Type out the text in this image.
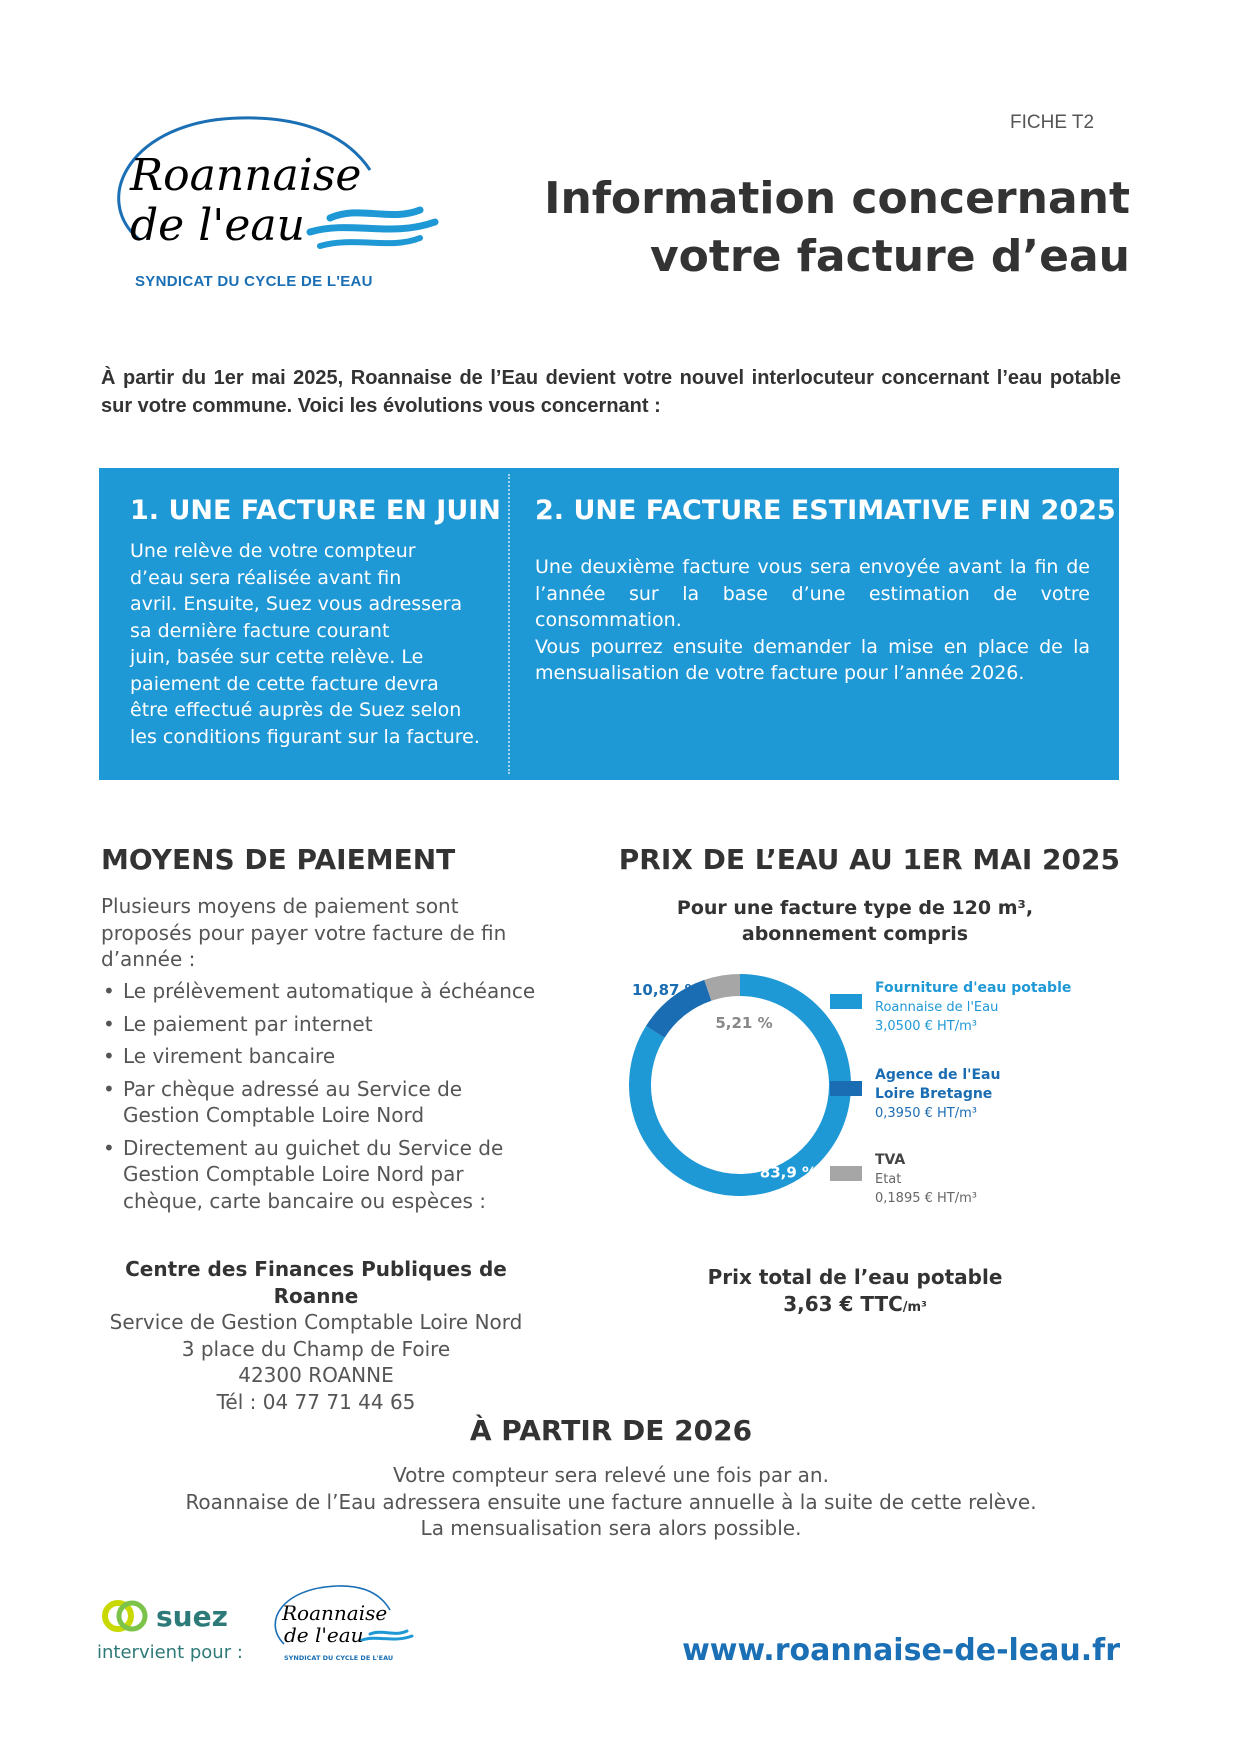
FICHE T2
Roannaise
de l'eau
SYNDICAT DU CYCLE DE L'EAU
Information concernant
votre facture d’eau
À partir du 1er mai 2025, Roannaise de l’Eau devient votre nouvel interlocuteur concernant l’eau potable sur votre commune. Voici les évolutions vous concernant :
1. UNE FACTURE EN JUIN
Une relève de votre compteur
d’eau sera réalisée avant fin
avril. Ensuite, Suez vous adressera
sa dernière facture courant
juin, basée sur cette relève. Le
paiement de cette facture devra
être effectué auprès de Suez selon
les conditions figurant sur la facture.
2. UNE FACTURE ESTIMATIVE FIN 2025
Une deuxième facture vous sera envoyée avant la fin de l’année sur la base d’une estimation de votre consommation.
Vous pourrez ensuite demander la mise en place de la mensualisation de votre facture pour l’année 2026.
MOYENS DE PAIEMENT
Plusieurs moyens de paiement sont proposés pour payer votre facture de fin d’année :
• Le prélèvement automatique à échéance
• Le paiement par internet
• Le virement bancaire
• Par chèque adressé au Service de Gestion Comptable Loire Nord
• Directement au guichet du Service de Gestion Comptable Loire Nord par chèque, carte bancaire ou espèces :
Centre des Finances Publiques de Roanne
Service de Gestion Comptable Loire Nord
3 place du Champ de Foire
42300 ROANNE
Tél : 04 77 71 44 65
PRIX DE L’EAU AU 1ER MAI 2025
Pour une facture type de 120 m³,
abonnement compris
83,9 %
10,87 %
5,21 %
Fourniture d'eau potable
Roannaise de l'Eau
3,0500 € HT/m³
Agence de l'Eau
Loire Bretagne
0,3950 € HT/m³
TVA
Etat
0,1895 € HT/m³
Prix total de l’eau potable
3,63 € TTC/m³
À PARTIR DE 2026
Votre compteur sera relevé une fois par an.
Roannaise de l’Eau adressera ensuite une facture annuelle à la suite de cette relève.
La mensualisation sera alors possible.
suez
intervient pour :
Roannaise
de l'eau
SYNDICAT DU CYCLE DE L'EAU	www.roannaise-de-leau.fr
